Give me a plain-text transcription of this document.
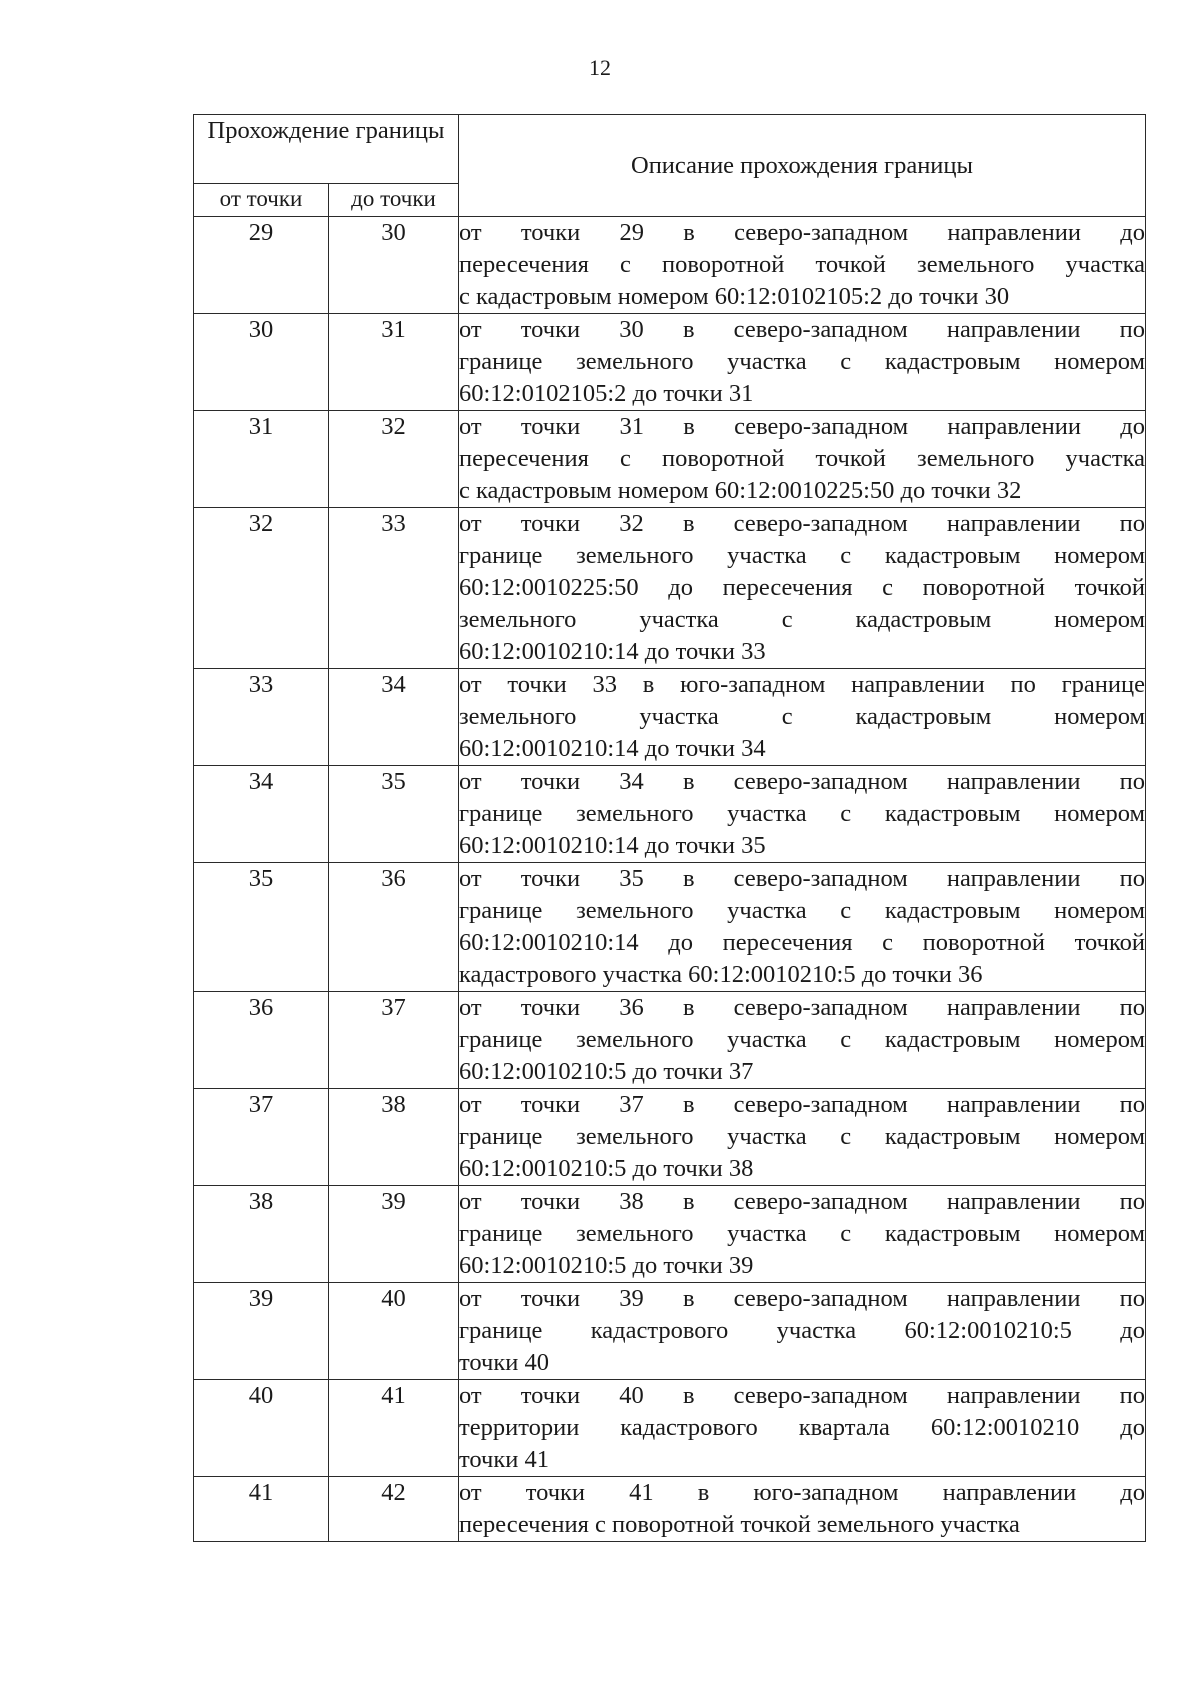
12
Прохождение границы		Описание прохождения границы
от точки	до точки	
29	30	от точки 29 в северо-западном направлении до
пересечения с поворотной точкой земельного участка
с кадастровым номером 60:12:0102105:2 до точки 30

30	31	от точки 30 в северо-западном направлении по
границе земельного участка с кадастровым номером
60:12:0102105:2 до точки 31

31	32	от точки 31 в северо-западном направлении до
пересечения с поворотной точкой земельного участка
с кадастровым номером 60:12:0010225:50 до точки 32

32	33	от точки 32 в северо-западном направлении по
границе земельного участка с кадастровым номером
60:12:0010225:50 до пересечения с поворотной точкой
земельного участка с кадастровым номером
60:12:0010210:14 до точки 33

33	34	от точки 33 в юго-западном направлении по границе
земельного участка с кадастровым номером
60:12:0010210:14 до точки 34

34	35	от точки 34 в северо-западном направлении по
границе земельного участка с кадастровым номером
60:12:0010210:14 до точки 35

35	36	от точки 35 в северо-западном направлении по
границе земельного участка с кадастровым номером
60:12:0010210:14 до пересечения с поворотной точкой
кадастрового участка 60:12:0010210:5 до точки 36

36	37	от точки 36 в северо-западном направлении по
границе земельного участка с кадастровым номером
60:12:0010210:5 до точки 37

37	38	от точки 37 в северо-западном направлении по
границе земельного участка с кадастровым номером
60:12:0010210:5 до точки 38

38	39	от точки 38 в северо-западном направлении по
границе земельного участка с кадастровым номером
60:12:0010210:5 до точки 39

39	40	от точки 39 в северо-западном направлении по
границе кадастрового участка 60:12:0010210:5 до
точки 40

40	41	от точки 40 в северо-западном направлении по
территории кадастрового квартала 60:12:0010210 до
точки 41

41	42	от точки 41 в юго-западном направлении до
пересечения с поворотной точкой земельного участка
